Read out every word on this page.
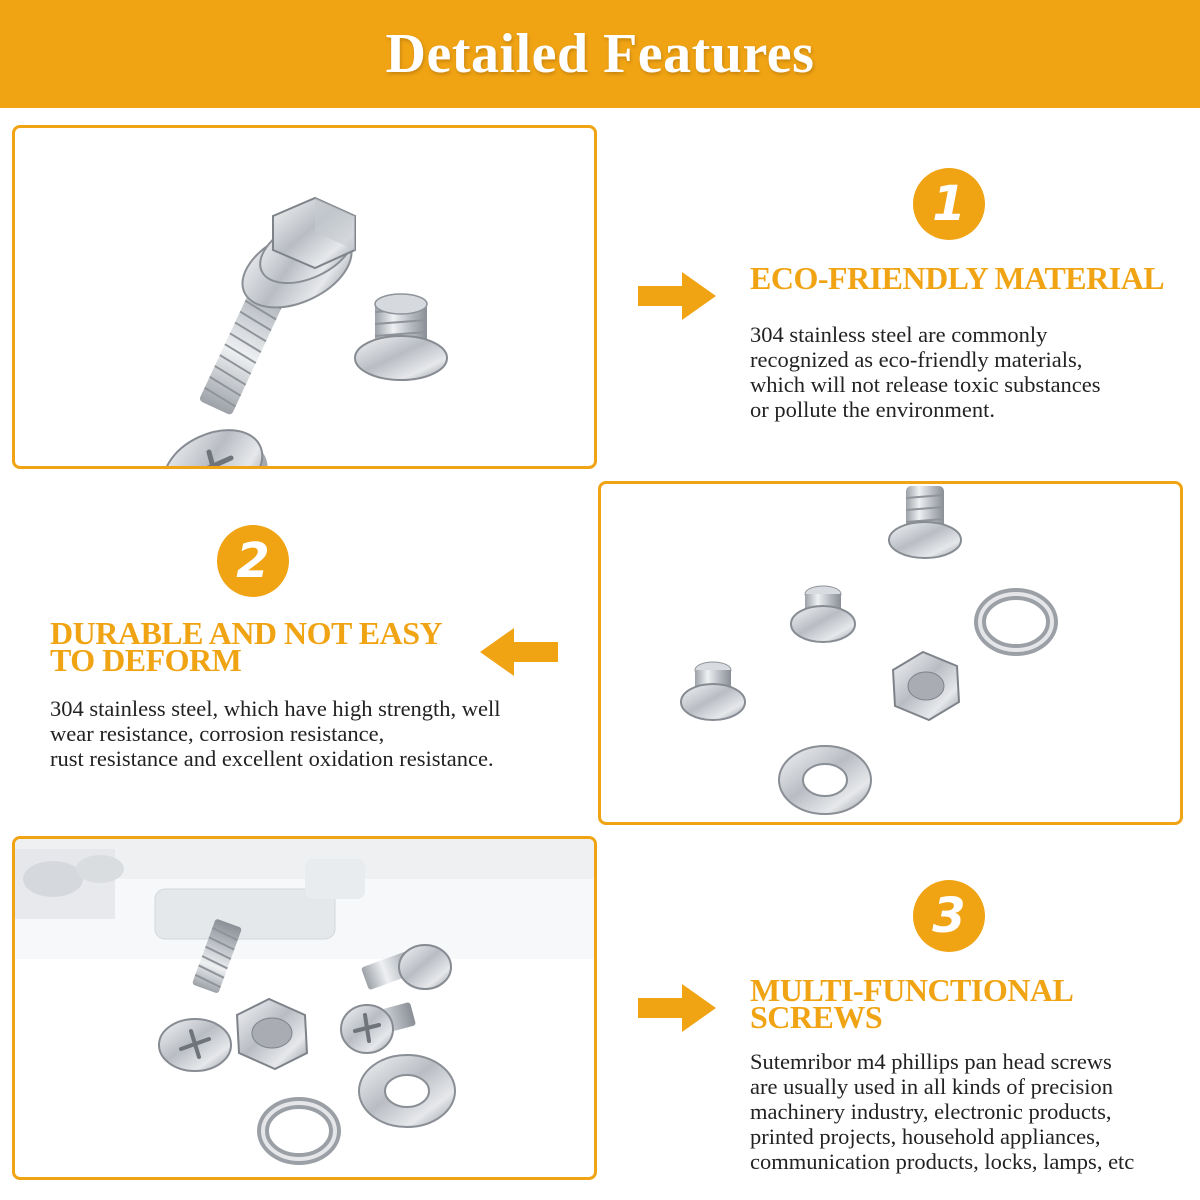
Detailed Features
1

ECO-FRIENDLY MATERIAL

304 stainless steel are commonly
recognized as eco-friendly materials,
which will not release toxic substances
or pollute the environment.

2

DURABLE AND NOT EASY
TO DEFORM

304 stainless steel, which have high strength, well
wear resistance, corrosion resistance,
rust resistance and excellent oxidation resistance.

3

MULTI-FUNCTIONAL
SCREWS

Sutemribor m4 phillips pan head screws
are usually used in all kinds of precision
machinery industry, electronic products,
printed projects, household appliances,
communication products, locks, lamps, etc
